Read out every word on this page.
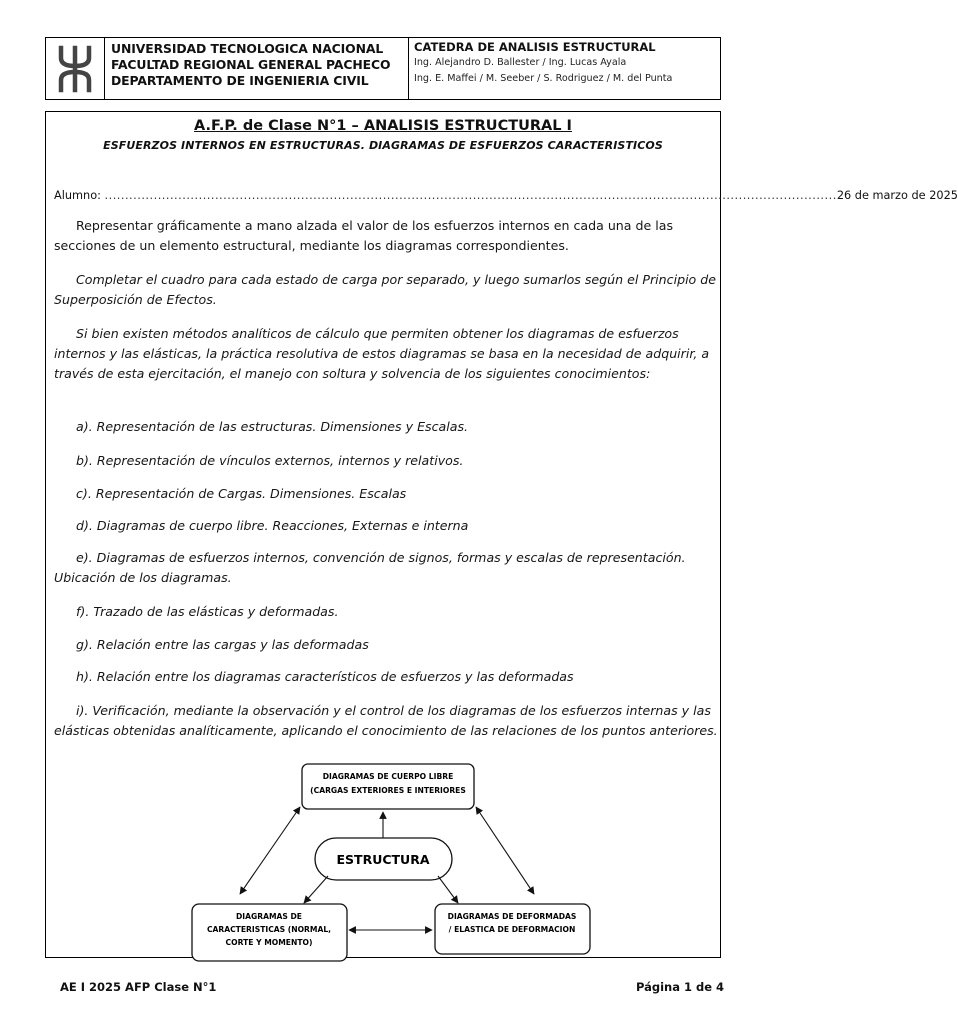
UNIVERSIDAD TECNOLOGICA NACIONAL
FACULTAD REGIONAL GENERAL PACHECO
DEPARTAMENTO DE INGENIERIA CIVIL
CATEDRA DE ANALISIS ESTRUCTURAL
Ing. Alejandro D. Ballester / Ing. Lucas Ayala
Ing. E. Maffei / M. Seeber / S. Rodriguez / M. del Punta
A.F.P. de Clase N°1 – ANALISIS ESTRUCTURAL I
ESFUERZOS INTERNOS EN ESTRUCTURAS. DIAGRAMAS DE ESFUERZOS CARACTERISTICOS
Alumno:
................................................................................................................................................................................... 26 de marzo de 2025

Representar gráficamente a mano alzada el valor de los esfuerzos internos en cada una de las secciones de un elemento estructural, mediante los diagramas correspondientes.

Completar el cuadro para cada estado de carga por separado, y luego sumarlos según el Principio de Superposición de Efectos.

Si bien existen métodos analíticos de cálculo que permiten obtener los diagramas de esfuerzos internos y las elásticas, la práctica resolutiva de estos diagramas se basa en la necesidad de adquirir, a través de esta ejercitación, el manejo con soltura y solvencia de los siguientes conocimientos:

a). Representación de las estructuras. Dimensiones y Escalas.

b). Representación de vínculos externos, internos y relativos.

c). Representación de Cargas. Dimensiones. Escalas

d). Diagramas de cuerpo libre. Reacciones, Externas e interna

e). Diagramas de esfuerzos internos, convención de signos, formas y escalas de representación. Ubicación de los diagramas.

f). Trazado de las elásticas y deformadas.

g). Relación entre las cargas y las deformadas

h). Relación entre los diagramas característicos de esfuerzos y las deformadas

i). Verificación, mediante la observación y el control de los diagramas de los esfuerzos internas y las elásticas obtenidas analíticamente, aplicando el conocimiento de las relaciones de los puntos anteriores.

DIAGRAMAS DE CUERPO LIBRE
(CARGAS EXTERIORES E INTERIORES
ESTRUCTURA
DIAGRAMAS DE
CARACTERISTICAS (NORMAL,
CORTE Y MOMENTO)
DIAGRAMAS DE DEFORMADAS
/ ELASTICA DE DEFORMACION
AE I 2025 AFP Clase N°1	Página 1 de 4
